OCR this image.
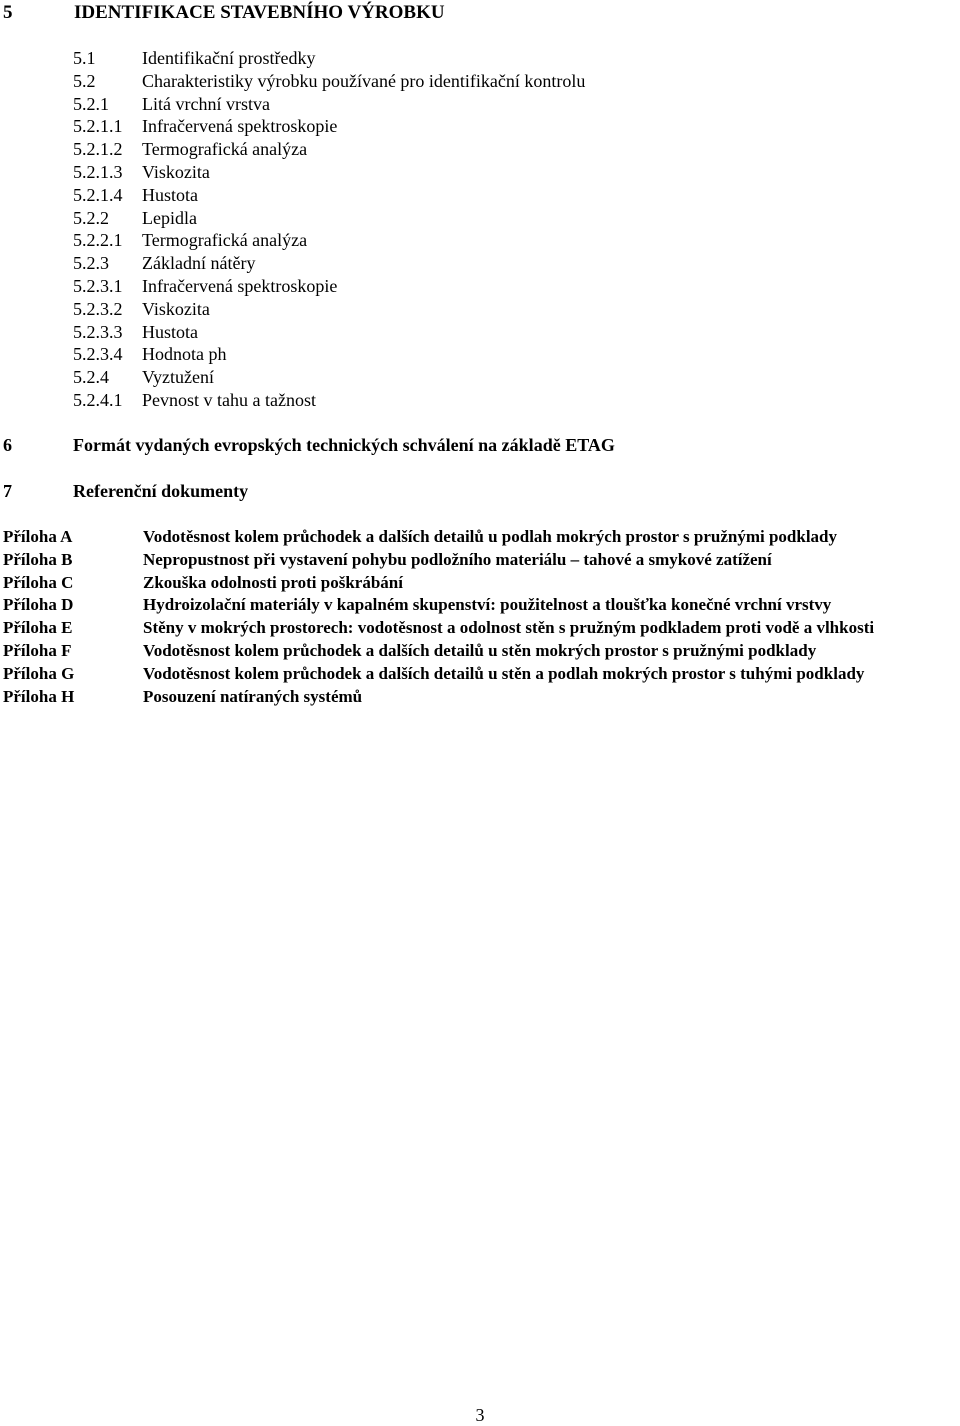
5	IDENTIFIKACE STAVEBNÍHO VÝROBKU
5.1	Identifikační prostředky
5.2	Charakteristiky výrobku používané pro identifikační kontrolu
5.2.1 Litá vrchní vrstva
5.2.1.1 Infračervená spektroskopie
5.2.1.2 Termografická analýza
5.2.1.3 Viskozita
5.2.1.4 Hustota
5.2.2 Lepidla
5.2.2.1 Termografická analýza
5.2.3 Základní nátěry
5.2.3.1 Infračervená spektroskopie
5.2.3.2 Viskozita
5.2.3.3 Hustota
5.2.3.4 Hodnota ph
5.2.4 Vyztužení
5.2.4.1 Pevnost v tahu a tažnost
6	Formát vydaných evropských technických schválení na základě ETAG
7	Referenční dokumenty
Příloha A	Vodotěsnost kolem průchodek a dalších detailů u podlah mokrých prostor s pružnými podklady
Příloha B	Nepropustnost při vystavení pohybu podložního materiálu – tahové a smykové zatížení
Příloha C	Zkouška odolnosti proti poškrábání
Příloha D	Hydroizolační materiály v kapalném skupenství: použitelnost a tloušťka konečné vrchní vrstvy
Příloha E	Stěny v mokrých prostorech: vodotěsnost a odolnost stěn s pružným podkladem proti vodě a vlhkosti
Příloha F	Vodotěsnost kolem průchodek a dalších detailů u stěn mokrých prostor s pružnými podklady
Příloha G	Vodotěsnost kolem průchodek a dalších detailů u stěn a podlah mokrých prostor s tuhými podklady
Příloha H	Posouzení natíraných systémů
3
